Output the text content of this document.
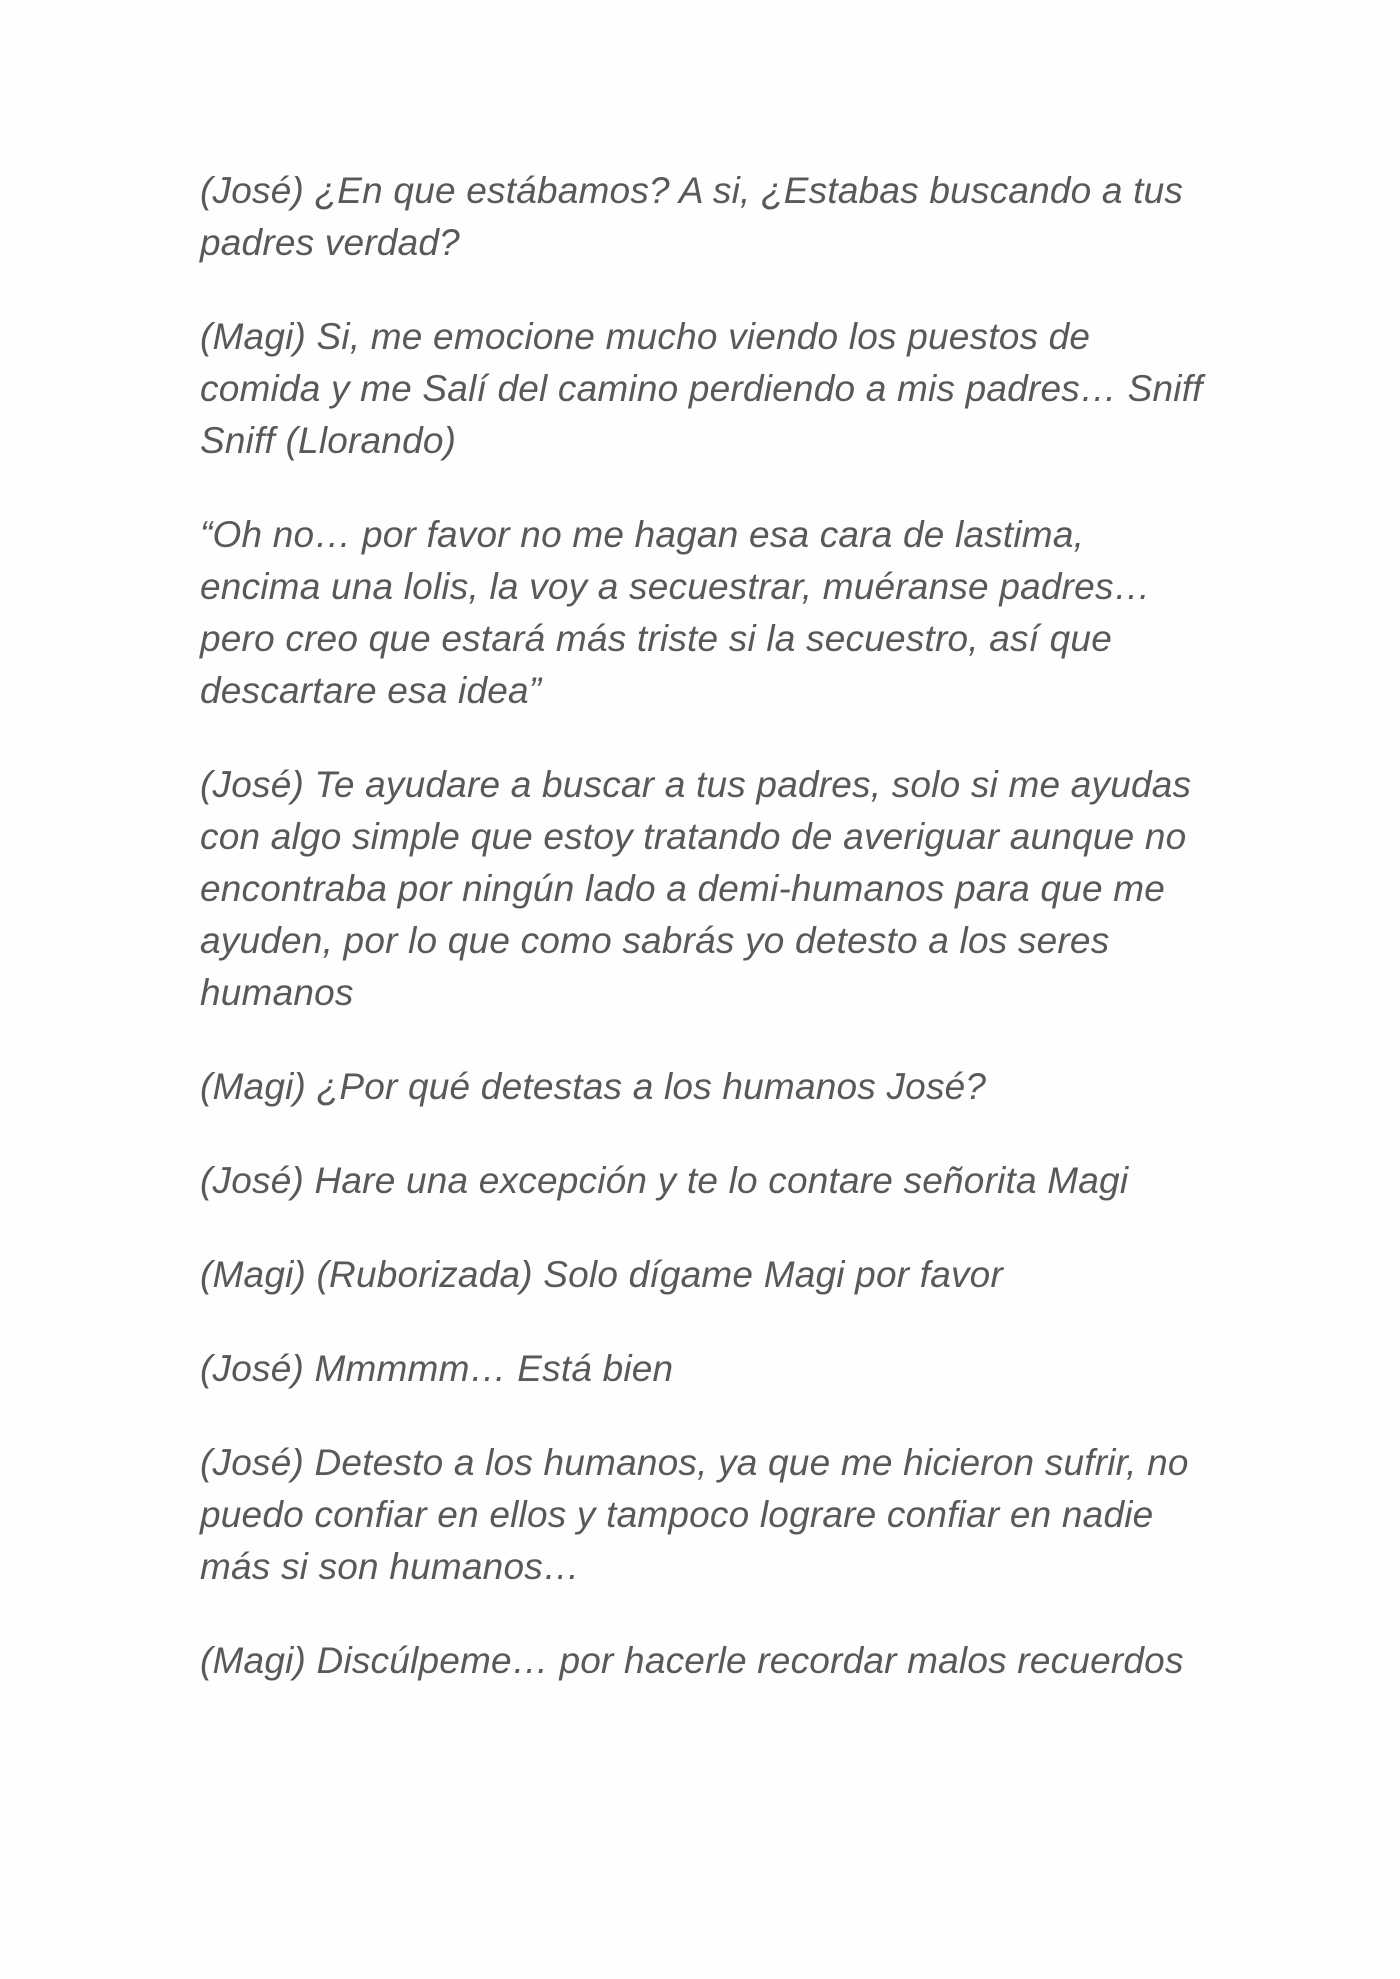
(José) ¿En que estábamos? A si, ¿Estabas buscando a tus padres verdad?

(Magi) Si, me emocione mucho viendo los puestos de comida y me Salí del camino perdiendo a mis padres… Sniff Sniff (Llorando)

“Oh no… por favor no me hagan esa cara de lastima, encima una lolis, la voy a secuestrar, muéranse padres… pero creo que estará más triste si la secuestro, así que descartare esa idea”

(José) Te ayudare a buscar a tus padres, solo si me ayudas con algo simple que estoy tratando de averiguar aunque no encontraba por ningún lado a demi-humanos para que me ayuden, por lo que como sabrás yo detesto a los seres humanos

(Magi) ¿Por qué detestas a los humanos José?

(José) Hare una excepción y te lo contare señorita Magi

(Magi) (Ruborizada) Solo dígame Magi por favor

(José) Mmmmm… Está bien

(José) Detesto a los humanos, ya que me hicieron sufrir, no puedo confiar en ellos y tampoco lograre confiar en nadie más si son humanos…

(Magi) Discúlpeme… por hacerle recordar malos recuerdos
